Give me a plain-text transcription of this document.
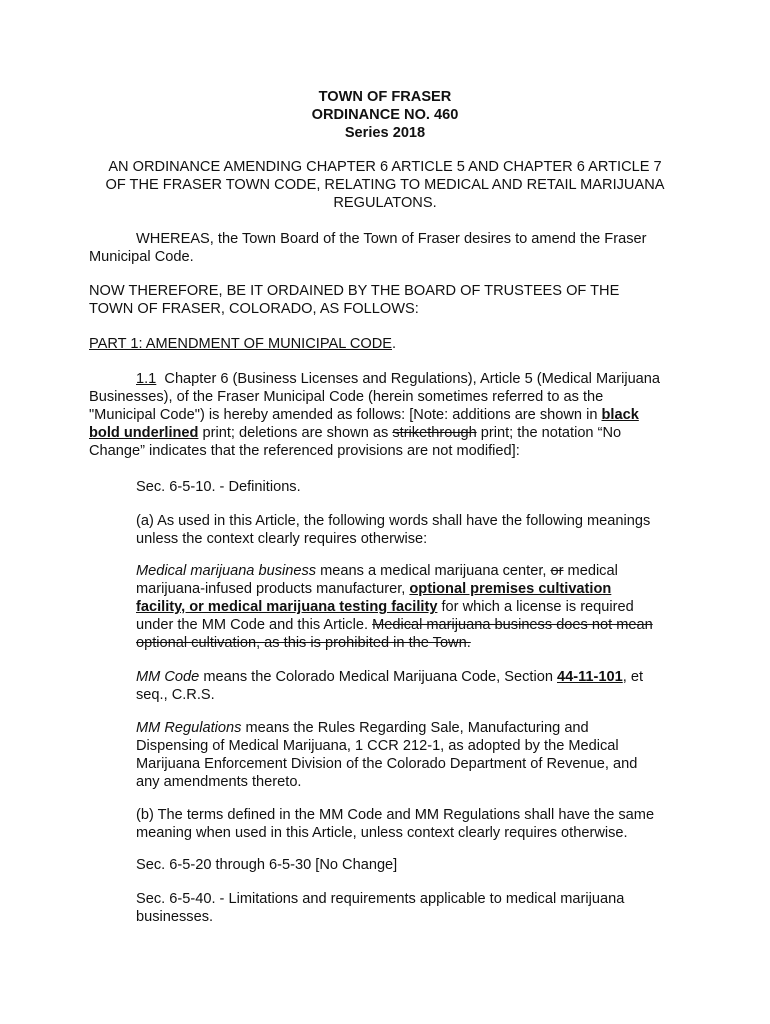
TOWN OF FRASER
ORDINANCE NO. 460
Series 2018

AN ORDINANCE AMENDING CHAPTER 6 ARTICLE 5 AND CHAPTER 6 ARTICLE 7
OF THE FRASER TOWN CODE, RELATING TO MEDICAL AND RETAIL MARIJUANA
REGULATONS.

WHEREAS, the Town Board of the Town of Fraser desires to amend the Fraser
Municipal Code.

NOW THEREFORE, BE IT ORDAINED BY THE BOARD OF TRUSTEES OF THE
TOWN OF FRASER, COLORADO, AS FOLLOWS:

PART 1: AMENDMENT OF MUNICIPAL CODE.

1.1  Chapter 6 (Business Licenses and Regulations), Article 5 (Medical Marijuana
Businesses), of the Fraser Municipal Code (herein sometimes referred to as the
"Municipal Code") is hereby amended as follows: [Note: additions are shown in black
bold underlined print; deletions are shown as strikethrough print; the notation “No
Change” indicates that the referenced provisions are not modified]:

Sec. 6-5-10. - Definitions.

(a) As used in this Article, the following words shall have the following meanings
unless the context clearly requires otherwise:

Medical marijuana business means a medical marijuana center, or medical
marijuana-infused products manufacturer, optional premises cultivation
facility, or medical marijuana testing facility for which a license is required
under the MM Code and this Article. Medical marijuana business does not mean
optional cultivation, as this is prohibited in the Town.

MM Code means the Colorado Medical Marijuana Code, Section 44-11-101, et
seq., C.R.S.

MM Regulations means the Rules Regarding Sale, Manufacturing and
Dispensing of Medical Marijuana, 1 CCR 212-1, as adopted by the Medical
Marijuana Enforcement Division of the Colorado Department of Revenue, and
any amendments thereto.

(b) The terms defined in the MM Code and MM Regulations shall have the same
meaning when used in this Article, unless context clearly requires otherwise.

Sec. 6-5-20 through 6-5-30 [No Change]

Sec. 6-5-40. - Limitations and requirements applicable to medical marijuana
businesses.
